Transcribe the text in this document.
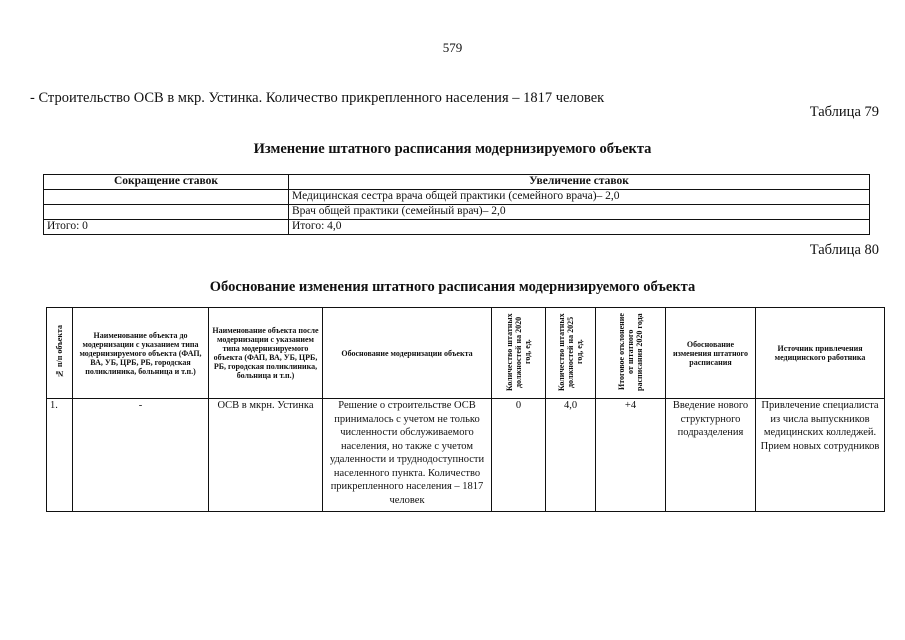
579
- Строительство ОСВ в мкр. Устинка. Количество прикрепленного населения – 1817 человек
Таблица 79
Изменение штатного расписания модернизируемого объекта
Сокращение ставок	Увеличение ставок
	Медицинская сестра врача общей практики (семейного врача)– 2,0
	Врач общей практики (семейный врач)– 2,0
Итого: 0	Итого: 4,0
Таблица 80
Обоснование изменения штатного расписания модернизируемого объекта
№ п/п объекта	Наименование объекта до модернизации с указанием типа модернизируемого объекта (ФАП, ВА, УБ, ЦРБ, РБ, городская поликлиника, больница и т.п.)	Наименование объекта после модернизации с указанием типа модернизируемого объекта (ФАП, ВА, УБ, ЦРБ, РБ, городская поликлиника, больница и т.п.)	Обоснование модернизации объекта	Количество штатных должностей на 2020 год, ед.	Количество штатных должностей на 2025 год, ед.	Итоговое отклонение от штатного расписания 2020 года	Обоснование изменения штатного расписания	Источник привлечения медицинского работника
1.	-	ОСВ в мкрн. Устинка	Решение о строительстве ОСВ принималось с учетом не только численности обслуживаемого населения, но также с учетом удаленности и труднодоступности населенного пункта. Количество прикрепленного населения – 1817 человек	0	4,0	+4	Введение нового структурного подразделения	Привлечение специалиста из числа выпускников медицинских колледжей. Прием новых сотрудников
